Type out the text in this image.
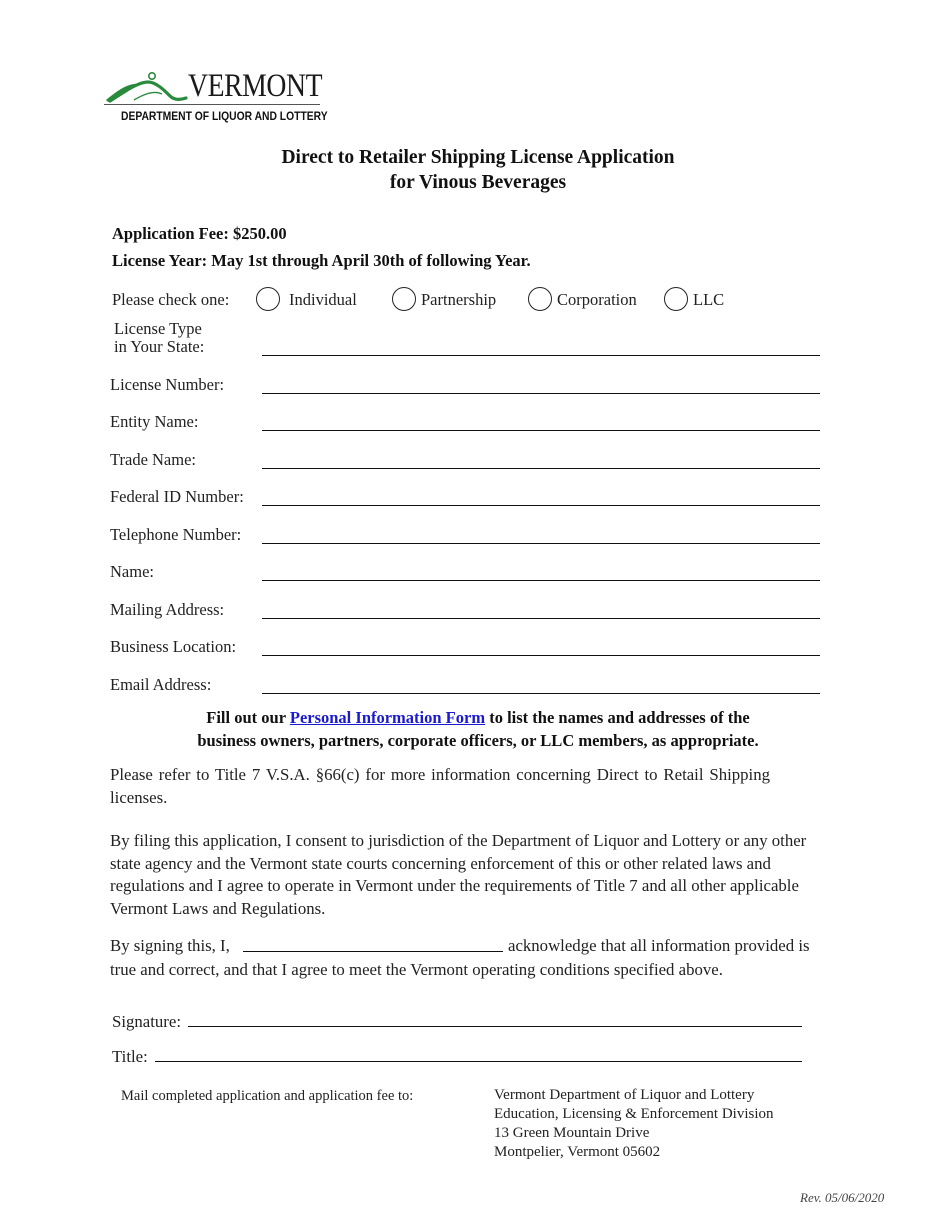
VERMONT
DEPARTMENT OF LIQUOR AND LOTTERY
Direct to Retailer Shipping License Application
for Vinous Beverages
Application Fee: $250.00
License Year: May 1st through April 30th of following Year.
Please check one:	Individual	Partnership	Corporation	LLC
License Type
in Your State:
License Number:
Entity Name:
Trade Name:
Federal ID Number:
Telephone Number:
Name:
Mailing Address:
Business Location:
Email Address:
Fill out our Personal Information Form to list the names and addresses of the
business owners, partners, corporate officers, or LLC members, as appropriate.
Please refer to Title 7 V.S.A. §66(c) for more information concerning Direct to Retail Shipping licenses.
By filing this application, I consent to jurisdiction of the Department of Liquor and Lottery or any other state agency and the Vermont state courts concerning enforcement of this or other related laws and regulations and I agree to operate in Vermont under the requirements of Title 7 and all other applicable Vermont Laws and Regulations.
By signing this, I,	acknowledge that all information provided is
true and correct, and that I agree to meet the Vermont operating conditions specified above.
Signature:
Title:
Mail completed application and application fee to:	Vermont Department of Liquor and Lottery
Education, Licensing & Enforcement Division
13 Green Mountain Drive
Montpelier, Vermont 05602
Rev. 05/06/2020
